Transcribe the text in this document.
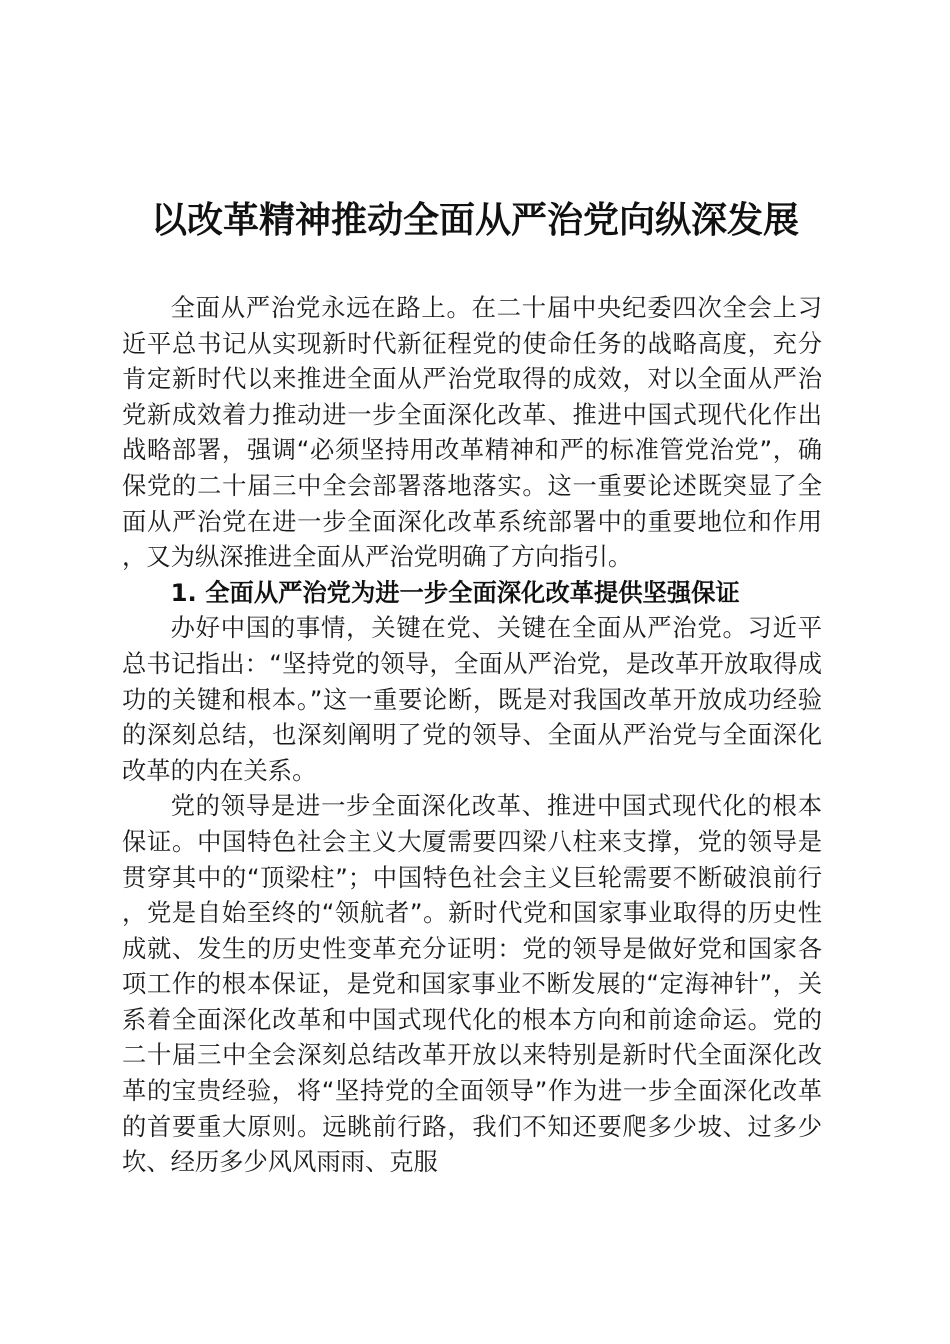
以改革精神推动全面从严治党向纵深发展

全面从严治党永远在路上。在二十届中央纪委四次全会上习近平总书记从实现新时代新征程党的使命任务的战略高度，充分肯定新时代以来推进全面从严治党取得的成效，对以全面从严治党新成效着力推动进一步全面深化改革、推进中国式现代化作出战略部署，强调“必须坚持用改革精神和严的标准管党治党”，确保党的二十届三中全会部署落地落实。这一重要论述既突显了全面从严治党在进一步全面深化改革系统部署中的重要地位和作用，又为纵深推进全面从严治党明确了方向指引。

1. 全面从严治党为进一步全面深化改革提供坚强保证

办好中国的事情，关键在党、关键在全面从严治党。习近平总书记指出：“坚持党的领导，全面从严治党，是改革开放取得成功的关键和根本。”这一重要论断，既是对我国改革开放成功经验的深刻总结，也深刻阐明了党的领导、全面从严治党与全面深化改革的内在关系。

党的领导是进一步全面深化改革、推进中国式现代化的根本保证。中国特色社会主义大厦需要四梁八柱来支撑，党的领导是贯穿其中的“顶梁柱”；中国特色社会主义巨轮需要不断破浪前行，党是自始至终的“领航者”。新时代党和国家事业取得的历史性成就、发生的历史性变革充分证明：党的领导是做好党和国家各项工作的根本保证，是党和国家事业不断发展的“定海神针”，关系着全面深化改革和中国式现代化的根本方向和前途命运。党的二十届三中全会深刻总结改革开放以来特别是新时代全面深化改革的宝贵经验，将“坚持党的全面领导”作为进一步全面深化改革的首要重大原则。远眺前行路，我们不知还要爬多少坡、过多少坎、经历多少风风雨雨、克服
